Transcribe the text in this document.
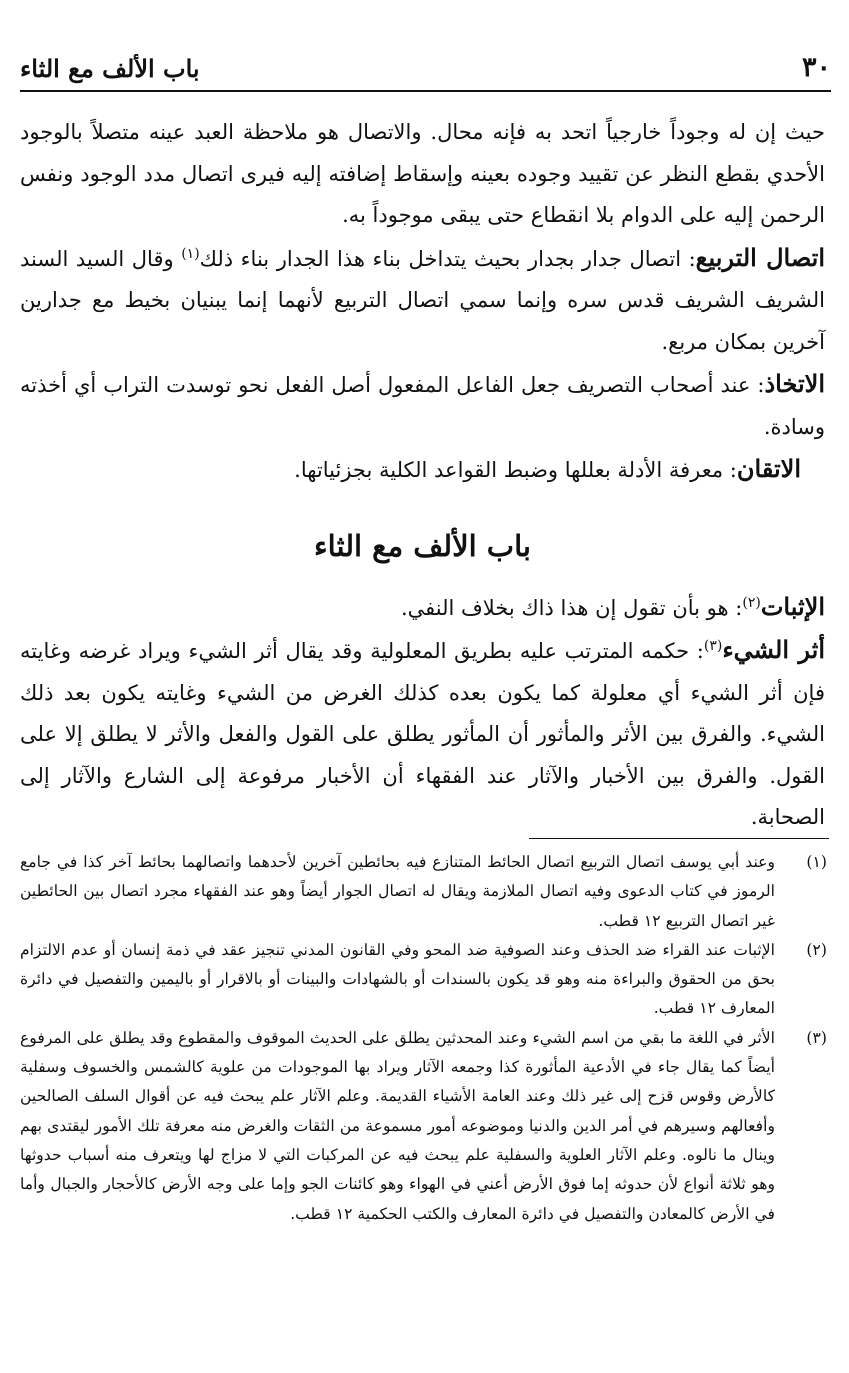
٣٠
باب الألف مع الثاء

حيث إن له وجوداً خارجياً اتحد به فإنه محال. والاتصال هو ملاحظة العبد عينه متصلاً بالوجود الأحدي بقطع النظر عن تقييد وجوده بعينه وإسقاط إضافته إليه فيرى اتصال مدد الوجود ونفس الرحمن إليه على الدوام بلا انقطاع حتى يبقى موجوداً به.

اتصال التربيع: اتصال جدار بجدار بحيث يتداخل بناء هذا الجدار بناء ذلك$^{(١)}$ وقال السيد السند الشريف الشريف قدس سره وإنما سمي اتصال التربيع لأنهما إنما يبنيان بخيط مع جدارين آخرين بمكان مربع.

الاتخاذ: عند أصحاب التصريف جعل الفاعل المفعول أصل الفعل نحو توسدت التراب أي أخذته وسادة.

الاتقان: معرفة الأدلة بعللها وضبط القواعد الكلية بجزئياتها.

باب الألف مع الثاء

الإثبات$^{(٢)}$: هو بأن تقول إن هذا ذاك بخلاف النفي.

أثر الشيء$^{(٣)}$: حكمه المترتب عليه بطريق المعلولية وقد يقال أثر الشيء ويراد غرضه وغايته فإن أثر الشيء أي معلولة كما يكون بعده كذلك الغرض من الشيء وغايته يكون بعد ذلك الشيء. والفرق بين الأثر والمأثور أن المأثور يطلق على القول والفعل والأثر لا يطلق إلا على القول. والفرق بين الأخبار والآثار عند الفقهاء أن الأخبار مرفوعة إلى الشارع والآثار إلى الصحابة.

(١)
وعند أبي يوسف اتصال التربيع اتصال الحائط المتنازع فيه بحائطين آخرين لأحدهما واتصالهما بحائط آخر كذا في جامع الرموز في كتاب الدعوى وفيه اتصال الملازمة ويقال له اتصال الجوار أيضاً وهو عند الفقهاء مجرد اتصال بين الحائطين غير اتصال التربيع ١٢ قطب.
(٢)
الإثبات عند القراء ضد الحذف وعند الصوفية ضد المحو وفي القانون المدني تنجيز عقد في ذمة إنسان أو عدم الالتزام بحق من الحقوق والبراءة منه وهو قد يكون بالسندات أو بالشهادات والبينات أو بالاقرار أو باليمين والتفصيل في دائرة المعارف ١٢ قطب.
(٣)
الأثر في اللغة ما بقي من اسم الشيء وعند المحدثين يطلق على الحديث الموقوف والمقطوع وقد يطلق على المرفوع أيضاً كما يقال جاء في الأدعية المأثورة كذا وجمعه الآثار ويراد بها الموجودات من علوية كالشمس والخسوف وسفلية كالأرض وقوس قزح إلى غير ذلك وعند العامة الأشياء القديمة. وعلم الآثار علم يبحث فيه عن أقوال السلف الصالحين وأفعالهم وسيرهم في أمر الدين والدنيا وموضوعه أمور مسموعة من الثقات والغرض منه معرفة تلك الأمور ليقتدى بهم وينال ما نالوه. وعلم الآثار العلوية والسفلية علم يبحث فيه عن المركبات التي لا مزاج لها ويتعرف منه أسباب حدوثها وهو ثلاثة أنواع لأن حدوثه إما فوق الأرض أعني في الهواء وهو كائنات الجو وإما على وجه الأرض كالأحجار والجبال وأما في الأرض كالمعادن والتفصيل في دائرة المعارف والكتب الحكمية ١٢ قطب.
